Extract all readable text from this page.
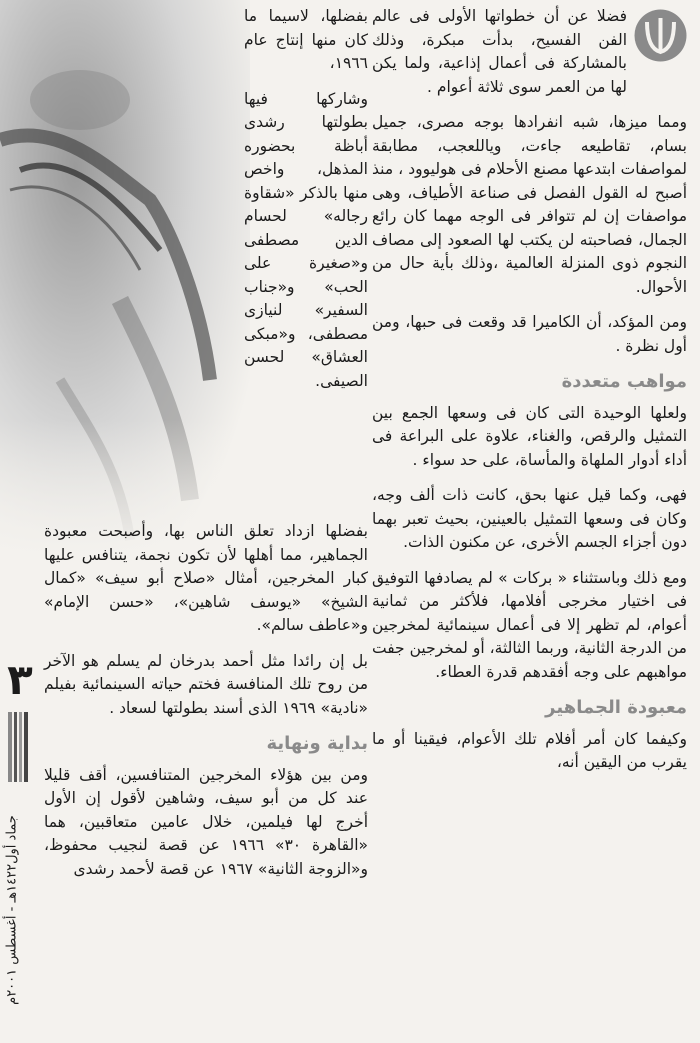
٣
جماد أول١٤٢٢هـ - أغسطس ٢٠٠١م

فضلا عن أن خطواتها الأولى فى عالم الفن الفسيح، بدأت مبكرة، وذلك بالمشاركة فى أعمال إذاعية، ولما يكن لها من العمر سوى ثلاثة أعوام .

ومما ميزها، شبه انفرادها بوجه مصرى، جميل بسام، تقاطيعه جاءت، وياللعجب، مطابقة لمواصفات ابتدعها مصنع الأحلام فى هوليوود ، منذ أصبح له القول الفصل فى صناعة الأطياف، وهى مواصفات إن لم تتوافر فى الوجه مهما كان رائع الجمال، فصاحبته لن يكتب لها الصعود إلى مصاف النجوم ذوى المنزلة العالمية ،وذلك بأية حال من الأحوال.

ومن المؤكد، أن الكاميرا قد وقعت فى حبها، ومن أول نظرة .

مواهب متعددة

ولعلها الوحيدة التى كان فى وسعها الجمع بين التمثيل والرقص، والغناء، علاوة على البراعة فى أداء أدوار الملهاة والمأساة، على حد سواء .

فهى، وكما قيل عنها بحق، كانت ذات ألف وجه، وكان فى وسعها التمثيل بالعينين، بحيث تعبر بهما دون أجزاء الجسم الأخرى، عن مكنون الذات.

ومع ذلك وباستثناء « بركات » لم يصادفها التوفيق فى اختيار مخرجى أفلامها، فلأكثر من ثمانية أعوام، لم تظهر إلا فى أعمال سينمائية لمخرجين من الدرجة الثانية، وربما الثالثة، أو لمخرجين جفت مواهبهم على وجه أفقدهم قدرة العطاء.

معبودة الجماهير

وكيفما كان أمر أفلام تلك الأعوام، فيقينا أو ما يقرب من اليقين أنه،

بفضلها، لاسيما ما كان منها إنتاج عام ١٩٦٦،

وشاركها فيها بطولتها رشدى أباظة بحضوره المذهل، واخص منها بالذكر «شقاوة رجاله» لحسام الدين مصطفى و«صغيرة على الحب» و«جناب السفير» لنيازى مصطفى، و«مبكى العشاق» لحسن الصيفى.

بفضلها ازداد تعلق الناس بها، وأصبحت معبودة الجماهير، مما أهلها لأن تكون نجمة، يتنافس عليها كبار المخرجين، أمثال «صلاح أبو سيف» «كمال الشيخ» «يوسف شاهين»، «حسن الإمام» و«عاطف سالم».

بل إن رائدا مثل أحمد بدرخان لم يسلم هو الآخر من روح تلك المنافسة فختم حياته السينمائية بفيلم «نادية» ١٩٦٩ الذى أسند بطولتها لسعاد .

بداية ونهاية

ومن بين هؤلاء المخرجين المتنافسين، أقف قليلا عند كل من أبو سيف، وشاهين لأقول إن الأول أخرج لها فيلمين، خلال عامين متعاقبين، هما «القاهرة ٣٠» ١٩٦٦ عن قصة لنجيب محفوظ، و«الزوجة الثانية» ١٩٦٧ عن قصة لأحمد رشدى
